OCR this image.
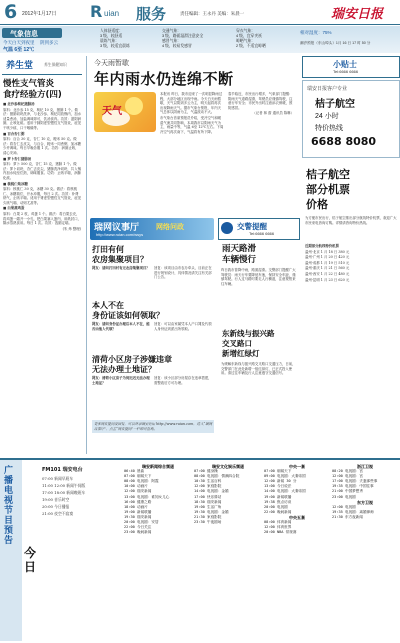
6 2012年1月17日 R uian 服务	责任编辑：王永丹 美编：朱晨一	瑞安日报
气象信息
今天白天到夜里 阴到多云
气温 6至 12℃
人体舒适度：
3 级，较舒适
晨练气象：
3 级，较适宜晨练
交通气象：
3 级，路面湿滑注意安全
感冒气象：
4 级，较易发感冒
穿衣气象：
4 级，宜穿夹袄
晾晒气象：
2 级，不适宜晾晒
相对湿度：75%
潮汐预报（东山埠头）1月 16 日 17 时 50 分
养生堂	养生保健知识
慢性支气管炎
食疗经验方(四)

■ 北沙参枸杞猪肺汤

原料：北沙参 15 克，枸杞 10 克，猪肺 1 个。做法：猪肺切块洗净，与北沙参、枸杞同放锅内，加水适量煮汤，加盐调味即可，饮汤食肉。功效：滋阴润肺，止咳化痰。适用于肺阴虚型慢性支气管炎，症见干咳少痰、口干咽燥等。

■ 百合杏仁粥

原料：百合 30 克，杏仁 10 克，粳米 50 克。做法：将杏仁去皮尖，与百合、粳米一同煮粥，加冰糖少许调味。每日早晚各服 1 次。功效：润肺止咳，清心安神。

■ 萝卜杏仁猪肺汤

原料：萝卜 500 克，杏仁 15 克，猪肺 1 个。做法：萝卜切块，杏仁去皮尖，猪肺洗净切块，共入锅内加水炖至烂熟，调味服食。功效：止咳平喘，润肺化痰。

■ 核桃仁炖冰糖

原料：核桃仁 30 克，冰糖 30 克。做法：将核桃仁、冰糖捣烂，开水冲服，每日 2 次。功效：补肾纳气，止咳平喘。适用于肾虚型慢性支气管炎，症见久咳气喘、动则尤甚等。

■ 白果蒸鸡蛋

原料：白果 2 枚，鸡蛋 1 个。做法：将白果去壳，将鸡蛋一端开一小孔，把白果塞入蛋内，用纸封口，隔水蒸熟食用。每日 1 次。功效：敛肺定喘。

(朱 炜 整理)

今天雨暂歇
年内雨水仍连绵不断
天气

本报讯 昨日，我市迎来了一次明显降雨过程，大部分地区出现中雨。今天白天雨暂歇，天气以阴到多云为主，明天起将再次出现降雨天气。据市气象台预报，年内天气总体以阴雨为主，气温波动不大。

市气象台首席预报员介绍，受冷空气和暖湿气流共同影响，本周我市以阴雨天气为主，雨量中等，气温 6至 12℃左右。下周冷空气再次南下，气温将有所下降。

春节临近，市民出行增多，气象部门提醒：阴雨天气道路湿滑，驾驶员应谨慎驾驶，注意行车安全；市民外出时注意添衣保暖，预防感冒。

（记者 林 蔚 通讯员 陈琳）

瑞网议事厅 网络问政
http://www.ruian.com/wsys
交警提醒
Tel:6666 6666
雨天路滑
车辆慢行
昨日我市普降中雨，路面湿滑。交警部门提醒广大驾驶员：雨天行车要降低车速，保持安全车距，谨慎驾驶。行人过马路时要走人行横道，注意观察来往车辆。
东新线与振兴路
交叉路口
新增红绿灯
为缓解东新线与振兴路交叉路口交通压力，日前，交警部门在此处新增一组红绿灯，已正式投入使用。请过往车辆及行人注意遵守交通信号。
打田有何
农房集聚项目？
网友：请问打田村有无农房集聚项目？ 回复：该项目由市农办牵头，目前正在进行规划设计，具体情况请关注有关部门公告。
本人不在
身份证该如何领取？
网友：请问身份证办理后本人不在，能否由他人代领？
回复：可以由家属凭本人户口簿及代领人身份证到派出所领取。
清荷小区房子涉嫌违章
无法办理土地证？
网友：清荷小区房子为何迟迟无法办理土地证？
回复：该小区部分房屋存在违章搭建，需整改后方可办理。
更多网友提问及回复，可以登录瑞安论坛 http://www.ruian.com，进入“瑞网议事厅”，点击“网友提问”一栏即可查询。
小贴士
Tel:6666 6666
瑞安日报客户专业
桔子航空
24 小时
特价热线
6688 8080
桔子航空
部分机票
价格
为方便市民出行，桔子航空推出部分航线特价机票，欢迎广大市民来电咨询订购。详情请咨询特价热线。

近期部分航线特价机票

温州-北京 1 月 18 日 380 元

温州-广州 1 月 20 日 420 元

温州-成都 1 月 19 日 510 元

温州-重庆 1 月 21 日 560 元

温州-西安 1 月 22 日 480 元

温州-昆明 1 月 23 日 620 元

广播电视节目预告
今日
FM101 瑞安电台

07:00 新闻早班车

11:00 12:00 新闻午间版

17:00 18:00 新闻晚班车

19:00 音乐时空

20:00 今日播报

21:00 夜空不寂寞

瑞安新闻综合频道
06:40 晨曲
07:00 朝闻天下
08:00 电视剧：阿霞
10:00 动画片
12:00 瑞安新闻
13:00 电视剧：谁知女儿心
16:00 健康之路
18:00 动画片
19:00 新闻联播
19:30 瑞安新闻
20:00 电视剧：安居
22:00 今日关注
23:00 晚间新闻
瑞安文化娱乐频道
07:00 健身操
08:00 电视剧：情满四合院
10:30 生活百科
12:00 家庭影院
14:00 电视剧：金婚
17:00 快乐驿站
18:30 瑞安新闻
19:00 生活广角
19:30 电视剧：金婚
21:30 家庭影院
23:30 午夜剧场
中央一套
07:00 朝闻天下
09:00 电视剧：大秦帝国
12:00 新闻 30 分
13:00 今日说法
14:00 电视剧：大秦帝国
19:00 新闻联播
19:38 焦点访谈
20:00 电视剧
22:00 晚间新闻
中央五套
08:00 体育新闻
12:00 体育世界
20:00 NBA 常规赛
浙江卫视
08:20 电视剧：宫
12:00 电视剧：宫
17:00 电视剧：夫妻那些事
19:35 电视剧：中国往事
21:00 中国梦想秀
23:00 电视剧
东方卫视
12:00 电视剧
19:35 电视剧：离婚律师
21:30 东方夜新闻
